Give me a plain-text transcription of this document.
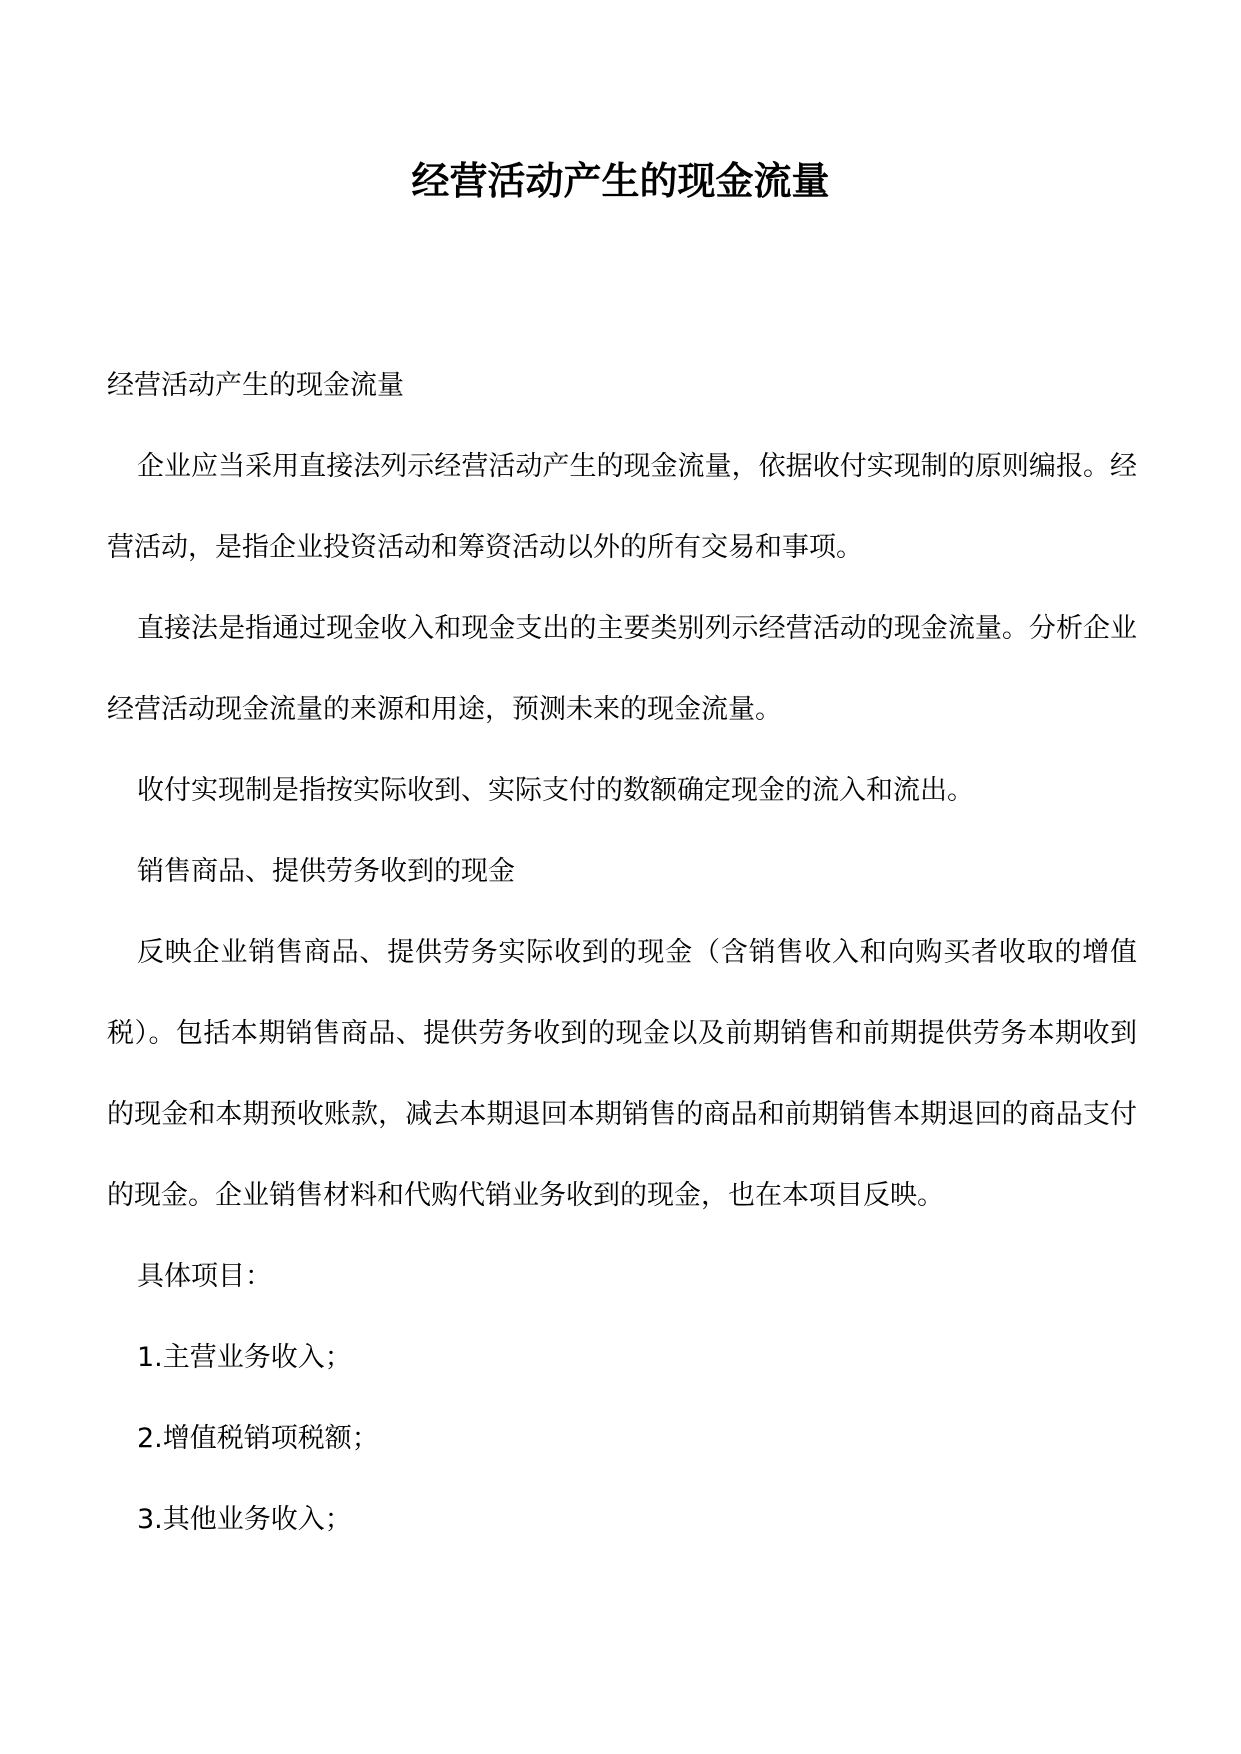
经营活动产生的现金流量

经营活动产生的现金流量

企业应当采用直接法列示经营活动产生的现金流量，依据收付实现制的原则编报。经营活动，是指企业投资活动和筹资活动以外的所有交易和事项。

直接法是指通过现金收入和现金支出的主要类别列示经营活动的现金流量。分析企业经营活动现金流量的来源和用途，预测未来的现金流量。

收付实现制是指按实际收到、实际支付的数额确定现金的流入和流出。

销售商品、提供劳务收到的现金

反映企业销售商品、提供劳务实际收到的现金（含销售收入和向购买者收取的增值税）。包括本期销售商品、提供劳务收到的现金以及前期销售和前期提供劳务本期收到的现金和本期预收账款，减去本期退回本期销售的商品和前期销售本期退回的商品支付的现金。企业销售材料和代购代销业务收到的现金，也在本项目反映。

具体项目：

1.主营业务收入；

2.增值税销项税额；

3.其他业务收入；
